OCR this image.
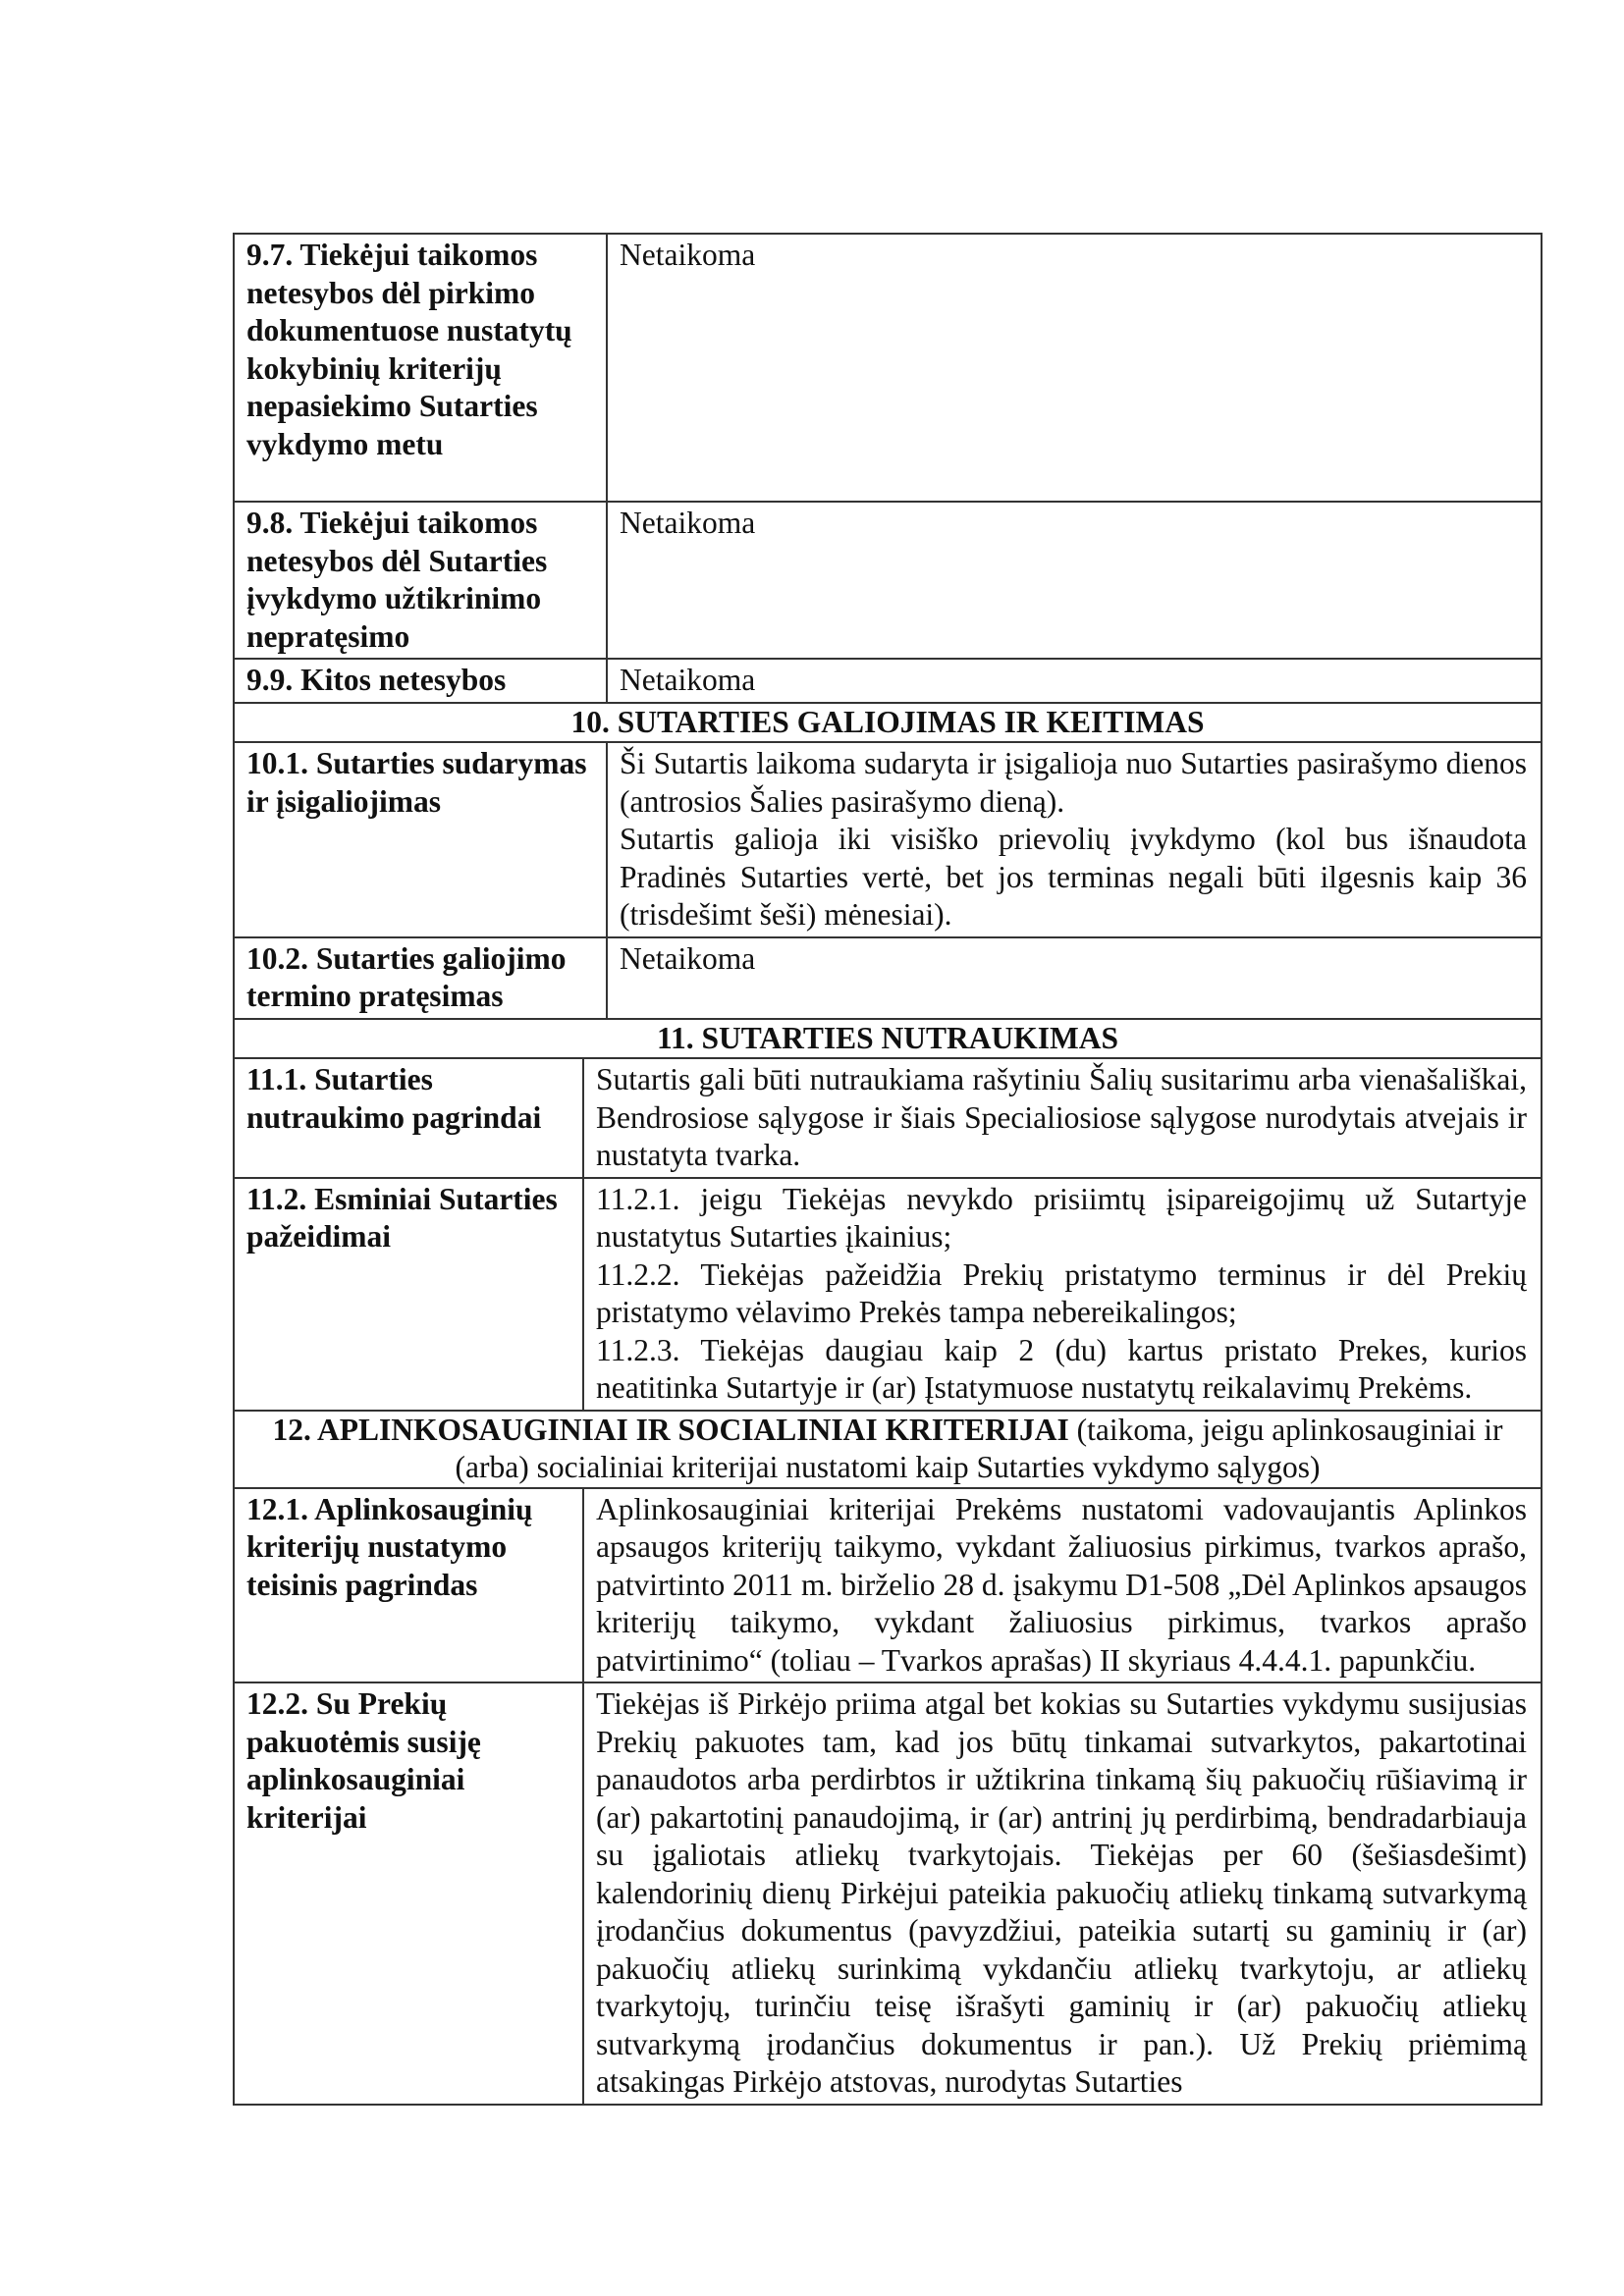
9.7. Tiekėjui taikomos netesybos dėl pirkimo dokumentuose nustatytų kokybinių kriterijų nepasiekimo Sutarties vykdymo metu	Netaikoma
9.8. Tiekėjui taikomos netesybos dėl Sutarties įvykdymo užtikrinimo nepratęsimo	Netaikoma
9.9. Kitos netesybos	Netaikoma
10. SUTARTIES GALIOJIMAS IR KEITIMAS	
10.1. Sutarties sudarymas ir įsigaliojimas	Ši Sutartis laikoma sudaryta ir įsigalioja nuo Sutarties pasirašymo dienos (antrosios Šalies pasirašymo dieną).

Sutartis galioja iki visiško prievolių įvykdymo (kol bus išnaudota Pradinės Sutarties vertė, bet jos terminas negali būti ilgesnis kaip 36 (trisdešimt šeši) mėnesiai).

10.2. Sutarties galiojimo termino pratęsimas	Netaikoma
11. SUTARTIES NUTRAUKIMAS	
11.1. Sutarties nutraukimo pagrindai	Sutartis gali būti nutraukiama rašytiniu Šalių susitarimu arba vienašališkai, Bendrosiose sąlygose ir šiais Specialiosiose sąlygose nurodytais atvejais ir nustatyta tvarka.
11.2. Esminiai Sutarties pažeidimai	11.2.1. jeigu Tiekėjas nevykdo prisiimtų įsipareigojimų už Sutartyje nustatytus Sutarties įkainius;

11.2.2. Tiekėjas pažeidžia Prekių pristatymo terminus ir dėl Prekių pristatymo vėlavimo Prekės tampa nebereikalingos;

11.2.3. Tiekėjas daugiau kaip 2 (du) kartus pristato Prekes, kurios neatitinka Sutartyje ir (ar) Įstatymuose nustatytų reikalavimų Prekėms.

12. APLINKOSAUGINIAI IR SOCIALINIAI KRITERIJAI (taikoma, jeigu aplinkosauginiai ir (arba) socialiniai kriterijai nustatomi kaip Sutarties vykdymo sąlygos)	
12.1. Aplinkosauginių kriterijų nustatymo teisinis pagrindas	Aplinkosauginiai kriterijai Prekėms nustatomi vadovaujantis Aplinkos apsaugos kriterijų taikymo, vykdant žaliuosius pirkimus, tvarkos aprašo, patvirtinto 2011 m. birželio 28 d. įsakymu D1-508 „Dėl Aplinkos apsaugos kriterijų taikymo, vykdant žaliuosius pirkimus, tvarkos aprašo patvirtinimo“ (toliau – Tvarkos aprašas) II skyriaus 4.4.4.1. papunkčiu.
12.2. Su Prekių pakuotėmis susiję aplinkosauginiai kriterijai	Tiekėjas iš Pirkėjo priima atgal bet kokias su Sutarties vykdymu susijusias Prekių pakuotes tam, kad jos būtų tinkamai sutvarkytos, pakartotinai panaudotos arba perdirbtos ir užtikrina tinkamą šių pakuočių rūšiavimą ir (ar) pakartotinį panaudojimą, ir (ar) antrinį jų perdirbimą, bendradarbiauja su įgaliotais atliekų tvarkytojais. Tiekėjas per 60 (šešiasdešimt) kalendorinių dienų Pirkėjui pateikia pakuočių atliekų tinkamą sutvarkymą įrodančius dokumentus (pavyzdžiui, pateikia sutartį su gaminių ir (ar) pakuočių atliekų surinkimą vykdančiu atliekų tvarkytoju, ar atliekų tvarkytojų, turinčiu teisę išrašyti gaminių ir (ar) pakuočių atliekų sutvarkymą įrodančius dokumentus ir pan.). Už Prekių priėmimą atsakingas Pirkėjo atstovas, nurodytas Sutarties
